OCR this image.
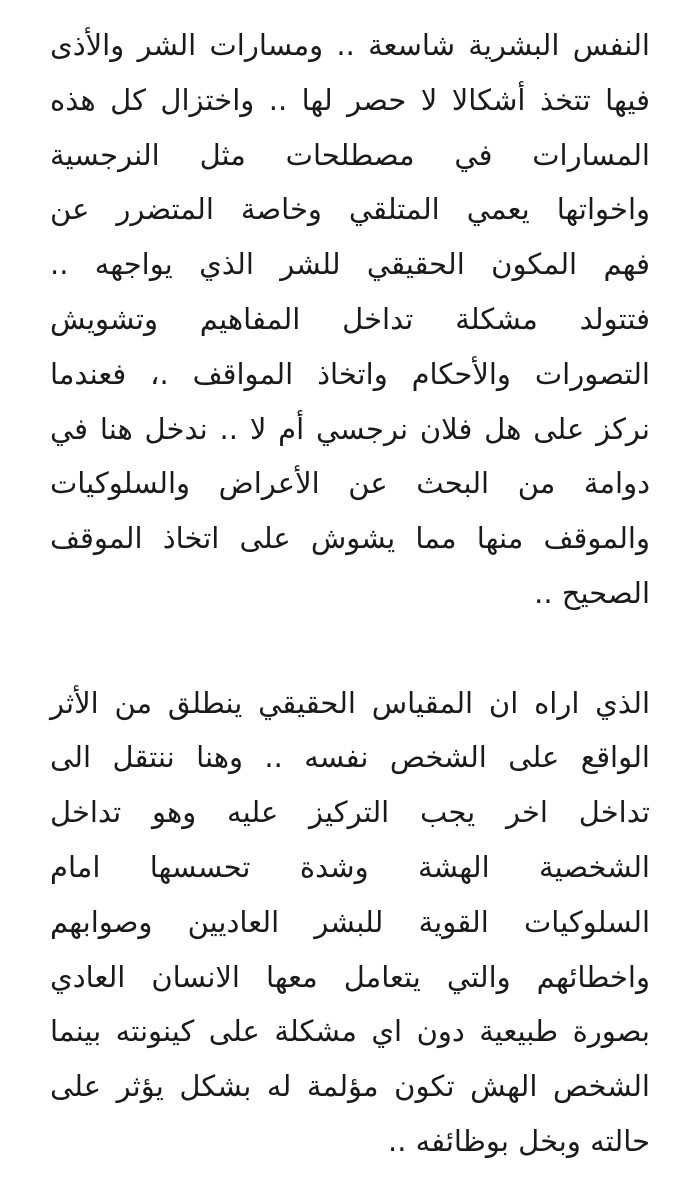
النفس البشرية شاسعة .. ومسارات الشر والأذى
فيها تتخذ أشكالا لا حصر لها .. واختزال كل هذه
المسارات في مصطلحات مثل النرجسية
واخواتها يعمي المتلقي وخاصة المتضرر عن
فهم المكون الحقيقي للشر الذي يواجهه ..
فتتولد مشكلة تداخل المفاهيم وتشويش
التصورات والأحكام واتخاذ المواقف .، فعندما
نركز على هل فلان نرجسي أم لا .. ندخل هنا في
دوامة من البحث عن الأعراض والسلوكيات
والموقف منها مما يشوش على اتخاذ الموقف
الصحيح ..
الذي اراه ان المقياس الحقيقي ينطلق من الأثر
الواقع على الشخص نفسه .. وهنا ننتقل الى
تداخل اخر يجب التركيز عليه وهو تداخل
الشخصية الهشة وشدة تحسسها امام
السلوكيات القوية للبشر العاديين وصوابهم
واخطائهم والتي يتعامل معها الانسان العادي
بصورة طبيعية دون اي مشكلة على كينونته بينما
الشخص الهش تكون مؤلمة له بشكل يؤثر على
حالته وبخل بوظائفه ..
